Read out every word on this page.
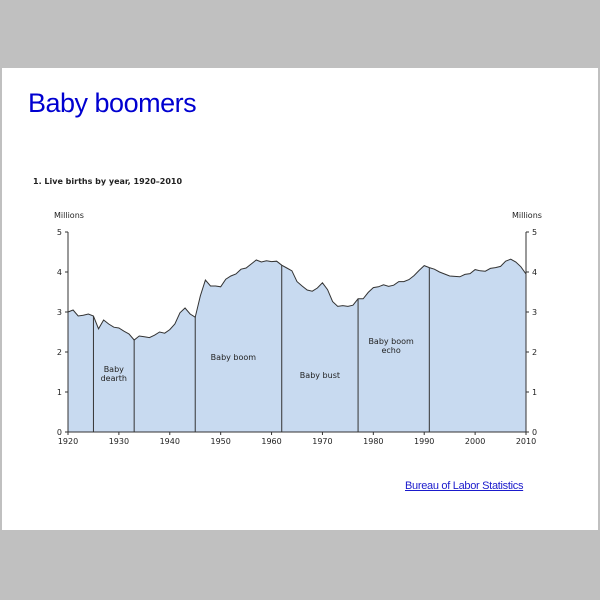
Baby boomers
1. Live births by year, 1920–2010
1920	1930	1940	1950	1960	1970	1980	1990	2000	2010
0
1
2
3
4
5
0
1
2
3
4
5
Baby
dearth
Baby boom
Baby bust
Baby boom
echo
Millions	Millions
Bureau of Labor Statistics
